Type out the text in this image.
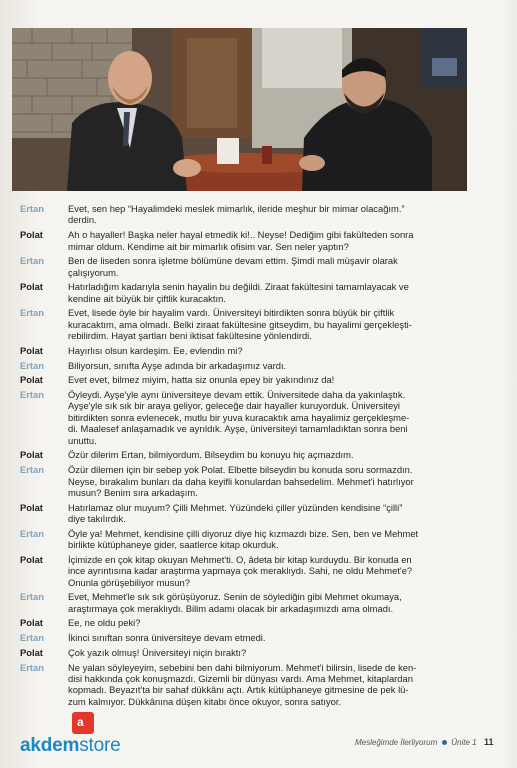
Ertan	Evet, sen hep “Hayalimdeki meslek mimarlık, ileride meşhur bir mimar olacağım.”
derdin.
Polat	Ah o hayaller! Başka neler hayal etmedik ki!.. Neyse! Dediğim gibi faküIteden sonra
mimar oldum. Kendime ait bir mimarlık ofisim var. Sen neler yaptın?
Ertan	Ben de liseden sonra işletme bölümüne devam ettim. Şimdi mali müşavir olarak
çalışıyorum.
Polat	Hatırladığım kadarıyla senin hayalin bu değildi. Ziraat fakültesini tamamlayacak ve
kendine ait büyük bir çiftlik kuracaktın.
Ertan	Evet, lisede öyle bir hayalim vardı. Üniversiteyi bitirdikten sonra büyük bir çiftlik
kuracaktım, ama olmadı. Belki ziraat fakültesine gitseydim, bu hayalimi gerçekleşti-
rebilirdim. Hayat şartları beni iktisat fakültesine yönlendirdi.
Polat	Hayırlısı olsun kardeşim. Ee, evlendin mi?
Ertan	Biliyorsun, sınıfta Ayşe adında bir arkadaşımız vardı.
Polat	Evet evet, bilmez miyim, hatta siz onunla epey bir yakındınız da!
Ertan	Öyleydi. Ayşe'yle aynı üniversiteye devam ettik. Üniversitede daha da yakınlaştık.
Ayşe'yle sık sık bir araya geliyor, geleceğe dair hayaller kuruyorduk. Üniversiteyi
bitirdikten sonra evlenecek, mutlu bir yuva kuracaktık ama hayalimiz gerçekleşme-
di. Maalesef anlaşamadık ve ayrıldık. Ayşe, üniversiteyi tamamladıktan sonra beni
unuttu.
Polat	Özür dilerim Ertan, bilmiyordum. Bilseydim bu konuyu hiç açmazdım.
Ertan	Özür dilemen için bir sebep yok Polat. Elbette bilseydin bu konuda soru sormazdın.
Neyse, bırakalım bunları da daha keyifli konulardan bahsedelim. Mehmet'i hatırlıyor
musun? Benim sıra arkadaşım.
Polat	Hatırlamaz olur muyum? Çilli Mehmet. Yüzündeki çiller yüzünden kendisine “çilli”
diye takılırdık.
Ertan	Öyle ya! Mehmet, kendisine çilli diyoruz diye hiç kızmazdı bize. Sen, ben ve Mehmet
birlikte kütüphaneye gider, saatlerce kitap okurduk.
Polat	İçimizde en çok kitap okuyan Mehmet'ti. O, âdeta bir kitap kurduydu. Bir konuda en
ince ayrıntısına kadar araştırma yapmaya çok meraklıydı. Sahi, ne oldu Mehmet'e?
Onunla görüşebiliyor musun?
Ertan	Evet, Mehmet'le sık sık görüşüyoruz. Senin de söylediğin gibi Mehmet okumaya,
araştırmaya çok meraklıydı. Bilim adamı olacak bir arkadaşımızdı ama olmadı.
Polat	Ee, ne oldu peki?
Ertan	İkinci sınıftan sonra üniversiteye devam etmedi.
Polat	Çok yazık olmuş! Üniversiteyi niçin bıraktı?
Ertan	Ne yalan söyleyeyim, sebebini ben dahi bilmiyorum. Mehmet'i bilirsin, lisede de ken-
disi hakkında çok konuşmazdı. Gizemli bir dünyası vardı. Ama Mehmet, kitaplardan
kopmadı. Beyazıt'ta bir sahaf dükkânı açtı. Artık kütüphaneye gitmesine de pek lü-
zum kalmıyor. Dükkânına düşen kitabı önce okuyor, sonra satıyor.
a
akdemstore	Mesleğimde İlerliyorum Ünite 1 11
